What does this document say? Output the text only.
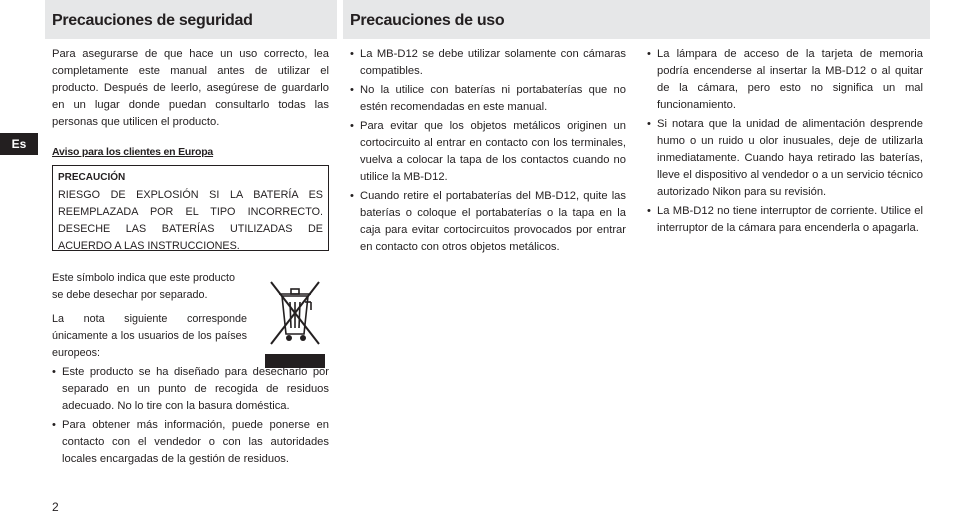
Precauciones de seguridad	Precauciones de uso
Es

Para asegurarse de que hace un uso correcto, lea completamente este manual antes de utilizar el producto. Después de leerlo, asegúrese de guardarlo en un lugar donde puedan consultarlo todas las personas que utilicen el producto.

Aviso para los clientes en Europa

PRECAUCIÓN

RIESGO DE EXPLOSIÓN SI LA BATERÍA ES REEMPLAZADA POR EL TIPO INCORRECTO. DESECHE LAS BATERÍAS UTILIZADAS DE ACUERDO A LAS INSTRUCCIONES.

Este símbolo indica que este producto se debe desechar por separado.

La nota siguiente corresponde únicamente a los usuarios de los países europeos:

• Este producto se ha diseñado para desecharlo por separado en un punto de recogida de residuos adecuado. No lo tire con la basura doméstica.
• Para obtener más información, puede ponerse en contacto con el vendedor o con las autoridades locales encargadas de la gestión de residuos.
• La MB-D12 se debe utilizar solamente con cámaras compatibles.
• No la utilice con baterías ni portabaterías que no estén recomendadas en este manual.
• Para evitar que los objetos metálicos originen un cortocircuito al entrar en contacto con los terminales, vuelva a colocar la tapa de los contactos cuando no utilice la MB-D12.
• Cuando retire el portabaterías del MB-D12, quite las baterías o coloque el portabaterías o la tapa en la caja para evitar cortocircuitos provocados por entrar en contacto con otros objetos metálicos.
• La lámpara de acceso de la tarjeta de memoria podría encenderse al insertar la MB-D12 o al quitar de la cámara, pero esto no significa un mal funcionamiento.
• Si notara que la unidad de alimentación desprende humo o un ruido u olor inusuales, deje de utilizarla inmediatamente. Cuando haya retirado las baterías, lleve el dispositivo al vendedor o a un servicio técnico autorizado Nikon para su revisión.
• La MB-D12 no tiene interruptor de corriente. Utilice el interruptor de la cámara para encenderla o apagarla.
2
